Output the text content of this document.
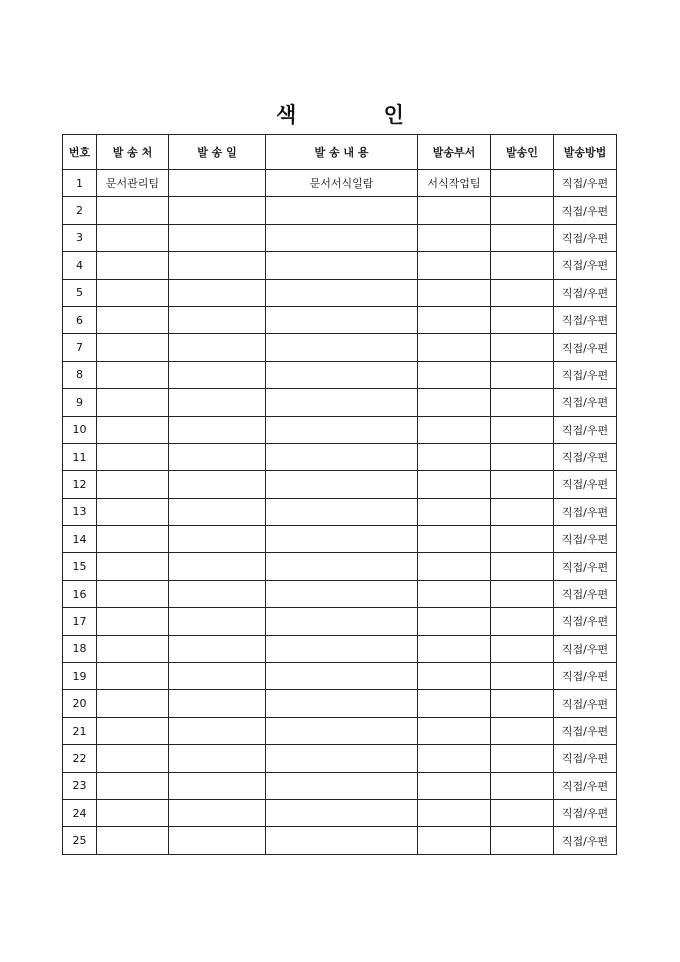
색 인
번호	발 송 처	발 송 일	발 송 내 용	발송부서	발송인	발송방법
1	문서관리팀		문서서식일람	서식작업팀		직접/우편
2						직접/우편
3						직접/우편
4						직접/우편
5						직접/우편
6						직접/우편
7						직접/우편
8						직접/우편
9						직접/우편
10						직접/우편
11						직접/우편
12						직접/우편
13						직접/우편
14						직접/우편
15						직접/우편
16						직접/우편
17						직접/우편
18						직접/우편
19						직접/우편
20						직접/우편
21						직접/우편
22						직접/우편
23						직접/우편
24						직접/우편
25						직접/우편
